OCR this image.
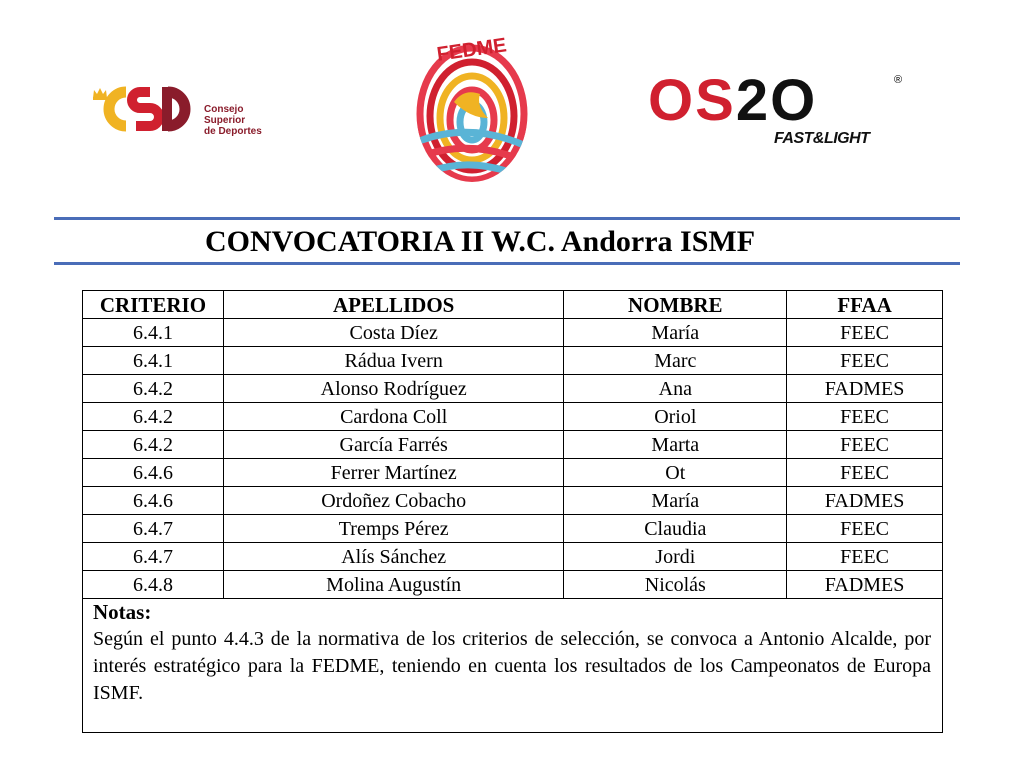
Consejo
Superior
de Deportes
FEDME
OS2O	®
FAST&LIGHT
CONVOCATORIA II W.C. Andorra ISMF
CRITERIO	APELLIDOS	NOMBRE	FFAA
6.4.1	Costa Díez	María	FEEC
6.4.1	Rádua Ivern	Marc	FEEC
6.4.2	Alonso Rodríguez	Ana	FADMES
6.4.2	Cardona Coll	Oriol	FEEC
6.4.2	García Farrés	Marta	FEEC
6.4.6	Ferrer Martínez	Ot	FEEC
6.4.6	Ordoñez Cobacho	María	FADMES
6.4.7	Tremps Pérez	Claudia	FEEC
6.4.7	Alís Sánchez	Jordi	FEEC
6.4.8	Molina Augustín	Nicolás	FADMES
Notas:
Según el punto 4.4.3 de la normativa de los criterios de selección, se convoca a Antonio Alcalde, por interés estratégico para la FEDME, teniendo en cuenta los resultados de los Campeonatos de Europa ISMF.
